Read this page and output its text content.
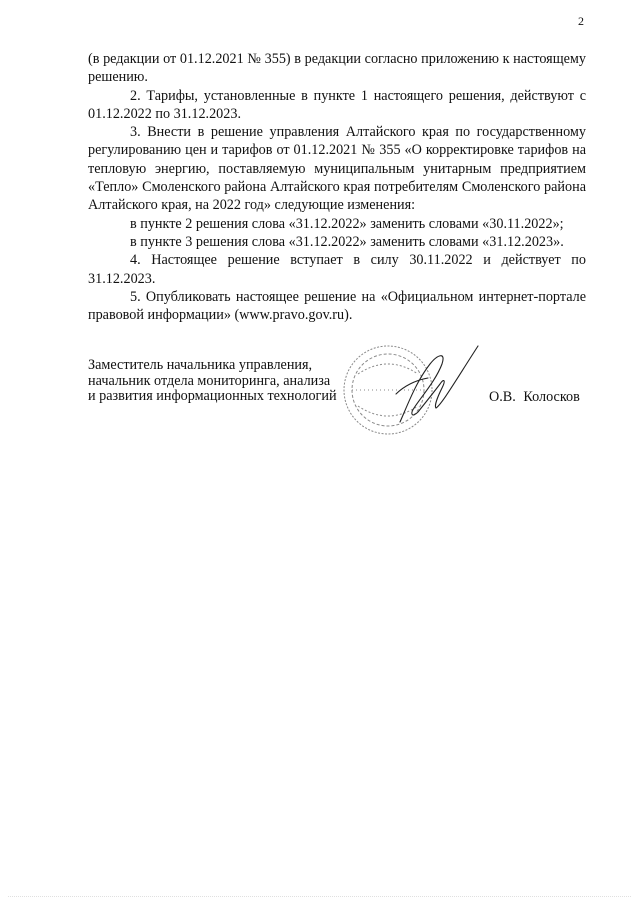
2

(в редакции от 01.12.2021 № 355) в редакции согласно приложению к настоящему решению.

2. Тарифы, установленные в пункте 1 настоящего решения, действуют с 01.12.2022 по 31.12.2023.

3. Внести в решение управления Алтайского края по государственному регулированию цен и тарифов от 01.12.2021 № 355 «О корректировке тарифов на тепловую энергию, поставляемую муниципальным унитарным предприятием «Тепло» Смоленского района Алтайского края потребителям Смоленского района Алтайского края, на 2022 год» следующие изменения:

в пункте 2 решения слова «31.12.2022» заменить словами «30.11.2022»;

в пункте 3 решения слова «31.12.2022» заменить словами «31.12.2023».

4. Настоящее решение вступает в силу 30.11.2022 и действует по 31.12.2023.

5. Опубликовать настоящее решение на «Официальном интернет-портале правовой информации» (www.pravo.gov.ru).

Заместитель начальника управления,
начальник отдела мониторинга, анализа
и развития информационных технологий	О.В. Колосков
